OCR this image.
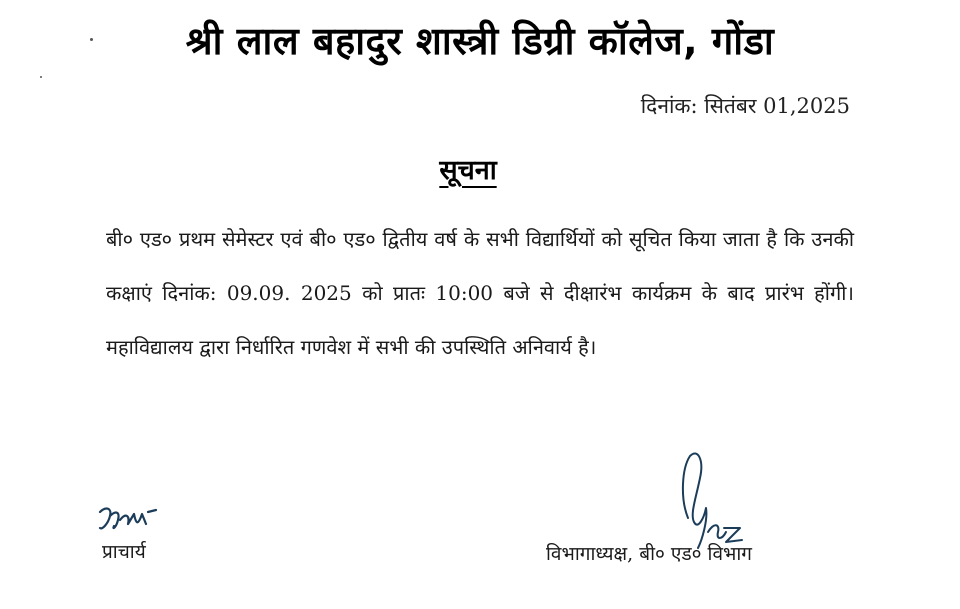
श्री लाल बहादुर शास्त्री डिग्री कॉलेज, गोंडा
दिनांक: सितंबर 01,2025
सूचना
बी० एड० प्रथम सेमेस्टर एवं बी० एड० द्वितीय वर्ष के सभी विद्यार्थियों को सूचित किया जाता है कि उनकी कक्षाएं दिनांक: 09.09. 2025 को प्रातः 10:00 बजे से दीक्षारंभ कार्यक्रम के बाद प्रारंभ होंगी। महाविद्यालय द्वारा निर्धारित गणवेश में सभी की उपस्थिति अनिवार्य है।
प्राचार्य	विभागाध्यक्ष, बी० एड० विभाग
